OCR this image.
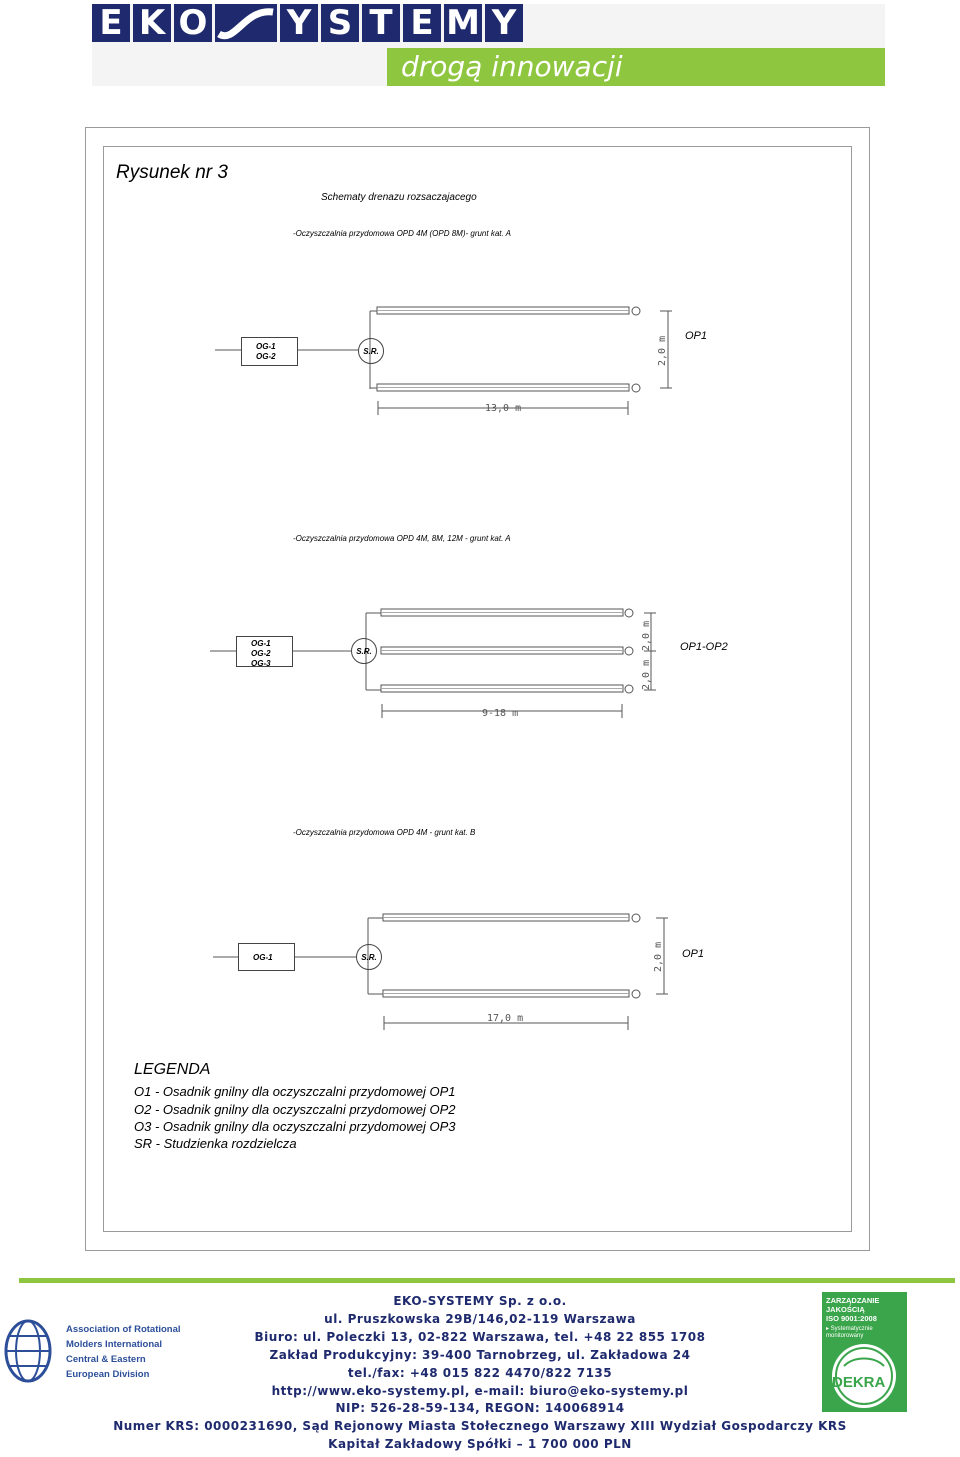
E K O Y S T E M Y
drogą innowacji
Rysunek nr 3
Schematy drenazu rozsaczajacego
-Oczyszczalnia przydomowa OPD 4M (OPD 8M)- grunt kat. A
OG-1
OG-2
S.R.
OP1
13,0 m
2,0 m
-Oczyszczalnia przydomowa OPD 4M, 8M, 12M - grunt kat. A
OG-1
OG-2
OG-3
S.R.	OP1-OP2
9-18 m
2,0 m
2,0 m
-Oczyszczalnia przydomowa OPD 4M - grunt kat. B
OG-1	S.R.	OP1
17,0 m
2,0 m
LEGENDA
O1 - Osadnik gnilny dla oczyszczalni przydomowej OP1
O2 - Osadnik gnilny dla oczyszczalni przydomowej OP2
O3 - Osadnik gnilny dla oczyszczalni przydomowej OP3
SR - Studzienka rozdzielcza
EKO-SYSTEMY Sp. z o.o.
ul. Pruszkowska 29B/146,02-119 Warszawa
Biuro: ul. Poleczki 13, 02-822 Warszawa, tel. +48 22 855 1708
Zakład Produkcyjny: 39-400 Tarnobrzeg, ul. Zakładowa 24
tel./fax: +48 015 822 4470/822 7135
http://www.eko-systemy.pl, e-mail: biuro@eko-systemy.pl
NIP: 526-28-59-134, REGON: 140068914
Numer KRS: 0000231690, Sąd Rejonowy Miasta Stołecznego Warszawy XIII Wydział Gospodarczy KRS
Kapitał Zakładowy Spółki – 1 700 000 PLN
Association of Rotational
Molders International
Central & Eastern
European Division
ZARZĄDZANIE
JAKOŚCIĄ
ISO 9001:2008
▸ Systematycznie
monitorowany
DEKRA
